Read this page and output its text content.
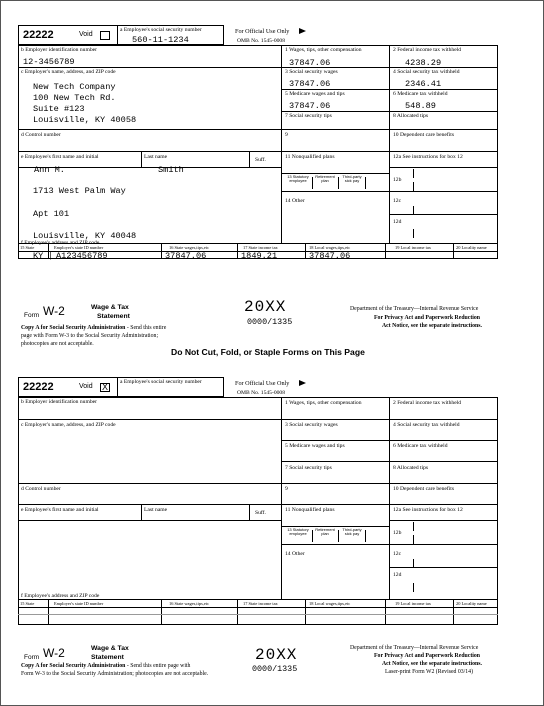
22222	Void
a Employee's social security number
560-11-1234
For Official Use Only
OMB No. 1545-0008
b Employer identification number
12-3456789
c Employer's name, address, and ZIP code
New Tech Company
100 New Tech Rd.
Suite #123
Louisville, KY 40058
d Control number
e Employee's first name and initial	Last name	Suff.
Ann M.	Smith
1713 West Palm Way
Apt 101
Louisville, KY 40048
f Employee's address and ZIP code
1 Wages, tips, other compensation
37847.06
2 Federal income tax withheld
4238.29
3 Social security wages
37847.06
4 Social security tax withheld
2346.41
5 Medicare wages and tips
37847.06
6 Medicare tax withheld
548.89
7 Social security tips	8 Allocated tips
9	10 Dependent care benefits
11 Nonqualified plans	12a See instructions for box 12
13 Statutory employee
Retirement plan
Third-party sick pay	12b
14 Other	12c
12d
15 State	Employer's state ID number	16 State wages,tips,etc	17 State income tax	18 Local wages,tips,etc	19 Local income tax	20 Locality name
KY | A123456789	37847.06	1849.21	37847.06
Form W-2	Wage & Tax
Statement
20XX
0000/1335
Department of the Treasury—Internal Revenue Service
For Privacy Act and Paperwork Reduction
Act Notice, see the separate instructions.
Copy A for Social Security Administration - Send this entire
page with Form W-3 to the Social Security Administration;
photocopies are not acceptable.
Do Not Cut, Fold, or Staple Forms on This Page
22222	Void X	a Employee's social security number	For Official Use Only
OMB No. 1545-0008
b Employer identification number
c Employer's name, address, and ZIP code
d Control number
e Employee's first name and initial	Last name	Suff.
f Employee's address and ZIP code
1 Wages, tips, other compensation	2 Federal income tax withheld
3 Social security wages	4 Social security tax withheld
5 Medicare wages and tips	6 Medicare tax withheld
7 Social security tips	8 Allocated tips
9	10 Dependent care benefits
11 Nonqualified plans	12a See instructions for box 12
13 Statutory employee
Retirement plan
Third-party sick pay	12b
14 Other	12c
12d
15 State	Employer's state ID number	16 State wages,tips,etc	17 State income tax	18 Local wages,tips,etc	19 Local income tax	20 Locality name
Form W-2	Wage & Tax
Statement	20XX
0000/1335
Department of the Treasury—Internal Revenue Service
For Privacy Act and Paperwork Reduction
Act Notice, see the separate instructions.
Laser-print Form W2 (Revised 03/14)
Copy A for Social Security Administration - Send this entire page with
Form W-3 to the Social Security Administration; photocopies are not acceptable.
